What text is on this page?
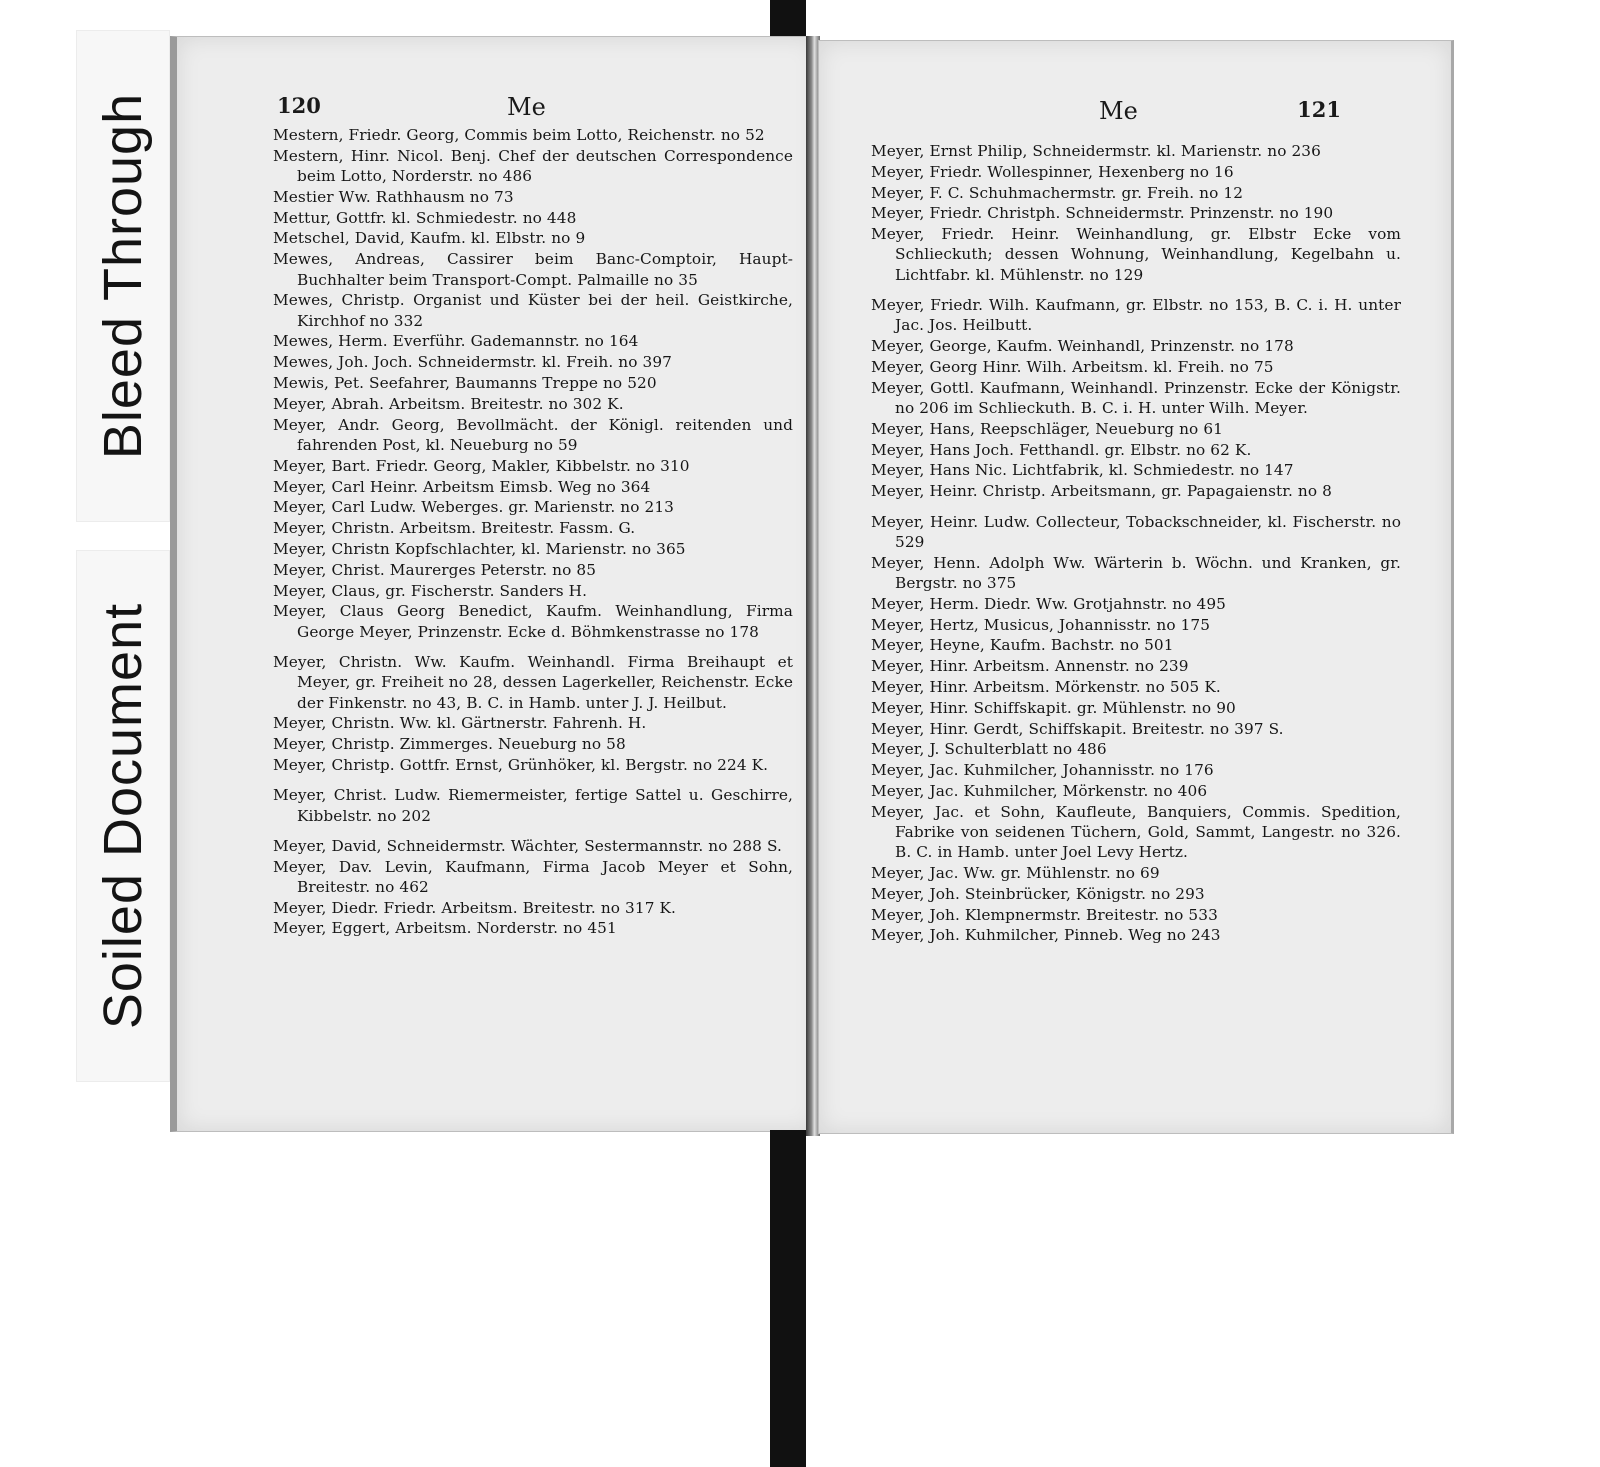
Bleed Through
Soiled Document
120	Me
Mestern, Friedr. Georg, Commis beim Lotto, Reichenstr. no 52
Mestern, Hinr. Nicol. Benj. Chef der deutschen Correspondence beim Lotto, Norderstr. no 486
Mestier Ww. Rathhausm no 73
Mettur, Gottfr. kl. Schmiedestr. no 448
Metschel, David, Kaufm. kl. Elbstr. no 9
Mewes, Andreas, Cassirer beim Banc-Comptoir, Haupt-Buchhalter beim Transport-Compt. Palmaille no 35
Mewes, Christp. Organist und Küster bei der heil. Geistkirche, Kirchhof no 332
Mewes, Herm. Everführ. Gademannstr. no 164
Mewes, Joh. Joch. Schneidermstr. kl. Freih. no 397
Mewis, Pet. Seefahrer, Baumanns Treppe no 520
Meyer, Abrah. Arbeitsm. Breitestr. no 302 K.
Meyer, Andr. Georg, Bevollmächt. der Königl. reitenden und fahrenden Post, kl. Neueburg no 59
Meyer, Bart. Friedr. Georg, Makler, Kibbelstr. no 310
Meyer, Carl Heinr. Arbeitsm Eimsb. Weg no 364
Meyer, Carl Ludw. Weberges. gr. Marienstr. no 213
Meyer, Christn. Arbeitsm. Breitestr. Fassm. G.
Meyer, Christn Kopfschlachter, kl. Marienstr. no 365
Meyer, Christ. Maurerges Peterstr. no 85
Meyer, Claus, gr. Fischerstr. Sanders H.
Meyer, Claus Georg Benedict, Kaufm. Weinhandlung, Firma George Meyer, Prinzenstr. Ecke d. Böhmkenstrasse no 178
Meyer, Christn. Ww. Kaufm. Weinhandl. Firma Breihaupt et Meyer, gr. Freiheit no 28, dessen Lagerkeller, Reichenstr. Ecke der Finkenstr. no 43, B. C. in Hamb. unter J. J. Heilbut.
Meyer, Christn. Ww. kl. Gärtnerstr. Fahrenh. H.
Meyer, Christp. Zimmerges. Neueburg no 58
Meyer, Christp. Gottfr. Ernst, Grünhöker, kl. Bergstr. no 224 K.
Meyer, Christ. Ludw. Riemermeister, fertige Sattel u. Geschirre, Kibbelstr. no 202
Meyer, David, Schneidermstr. Wächter, Sestermannstr. no 288 S.
Meyer, Dav. Levin, Kaufmann, Firma Jacob Meyer et Sohn, Breitestr. no 462
Meyer, Diedr. Friedr. Arbeitsm. Breitestr. no 317 K.
Meyer, Eggert, Arbeitsm. Norderstr. no 451
Me	121
Meyer, Ernst Philip, Schneidermstr. kl. Marienstr. no 236
Meyer, Friedr. Wollespinner, Hexenberg no 16
Meyer, F. C. Schuhmachermstr. gr. Freih. no 12
Meyer, Friedr. Christph. Schneidermstr. Prinzenstr. no 190
Meyer, Friedr. Heinr. Weinhandlung, gr. Elbstr Ecke vom Schlieckuth; dessen Wohnung, Weinhandlung, Kegelbahn u. Lichtfabr. kl. Mühlenstr. no 129
Meyer, Friedr. Wilh. Kaufmann, gr. Elbstr. no 153, B. C. i. H. unter Jac. Jos. Heilbutt.
Meyer, George, Kaufm. Weinhandl, Prinzenstr. no 178
Meyer, Georg Hinr. Wilh. Arbeitsm. kl. Freih. no 75
Meyer, Gottl. Kaufmann, Weinhandl. Prinzenstr. Ecke der Königstr. no 206 im Schlieckuth. B. C. i. H. unter Wilh. Meyer.
Meyer, Hans, Reepschläger, Neueburg no 61
Meyer, Hans Joch. Fetthandl. gr. Elbstr. no 62 K.
Meyer, Hans Nic. Lichtfabrik, kl. Schmiedestr. no 147
Meyer, Heinr. Christp. Arbeitsmann, gr. Papagaienstr. no 8
Meyer, Heinr. Ludw. Collecteur, Tobackschneider, kl. Fischerstr. no 529
Meyer, Henn. Adolph Ww. Wärterin b. Wöchn. und Kranken, gr. Bergstr. no 375
Meyer, Herm. Diedr. Ww. Grotjahnstr. no 495
Meyer, Hertz, Musicus, Johannisstr. no 175
Meyer, Heyne, Kaufm. Bachstr. no 501
Meyer, Hinr. Arbeitsm. Annenstr. no 239
Meyer, Hinr. Arbeitsm. Mörkenstr. no 505 K.
Meyer, Hinr. Schiffskapit. gr. Mühlenstr. no 90
Meyer, Hinr. Gerdt, Schiffskapit. Breitestr. no 397 S.
Meyer, J. Schulterblatt no 486
Meyer, Jac. Kuhmilcher, Johannisstr. no 176
Meyer, Jac. Kuhmilcher, Mörkenstr. no 406
Meyer, Jac. et Sohn, Kaufleute, Banquiers, Commis. Spedition, Fabrike von seidenen Tüchern, Gold, Sammt, Langestr. no 326. B. C. in Hamb. unter Joel Levy Hertz.
Meyer, Jac. Ww. gr. Mühlenstr. no 69
Meyer, Joh. Steinbrücker, Königstr. no 293
Meyer, Joh. Klempnermstr. Breitestr. no 533
Meyer, Joh. Kuhmilcher, Pinneb. Weg no 243
